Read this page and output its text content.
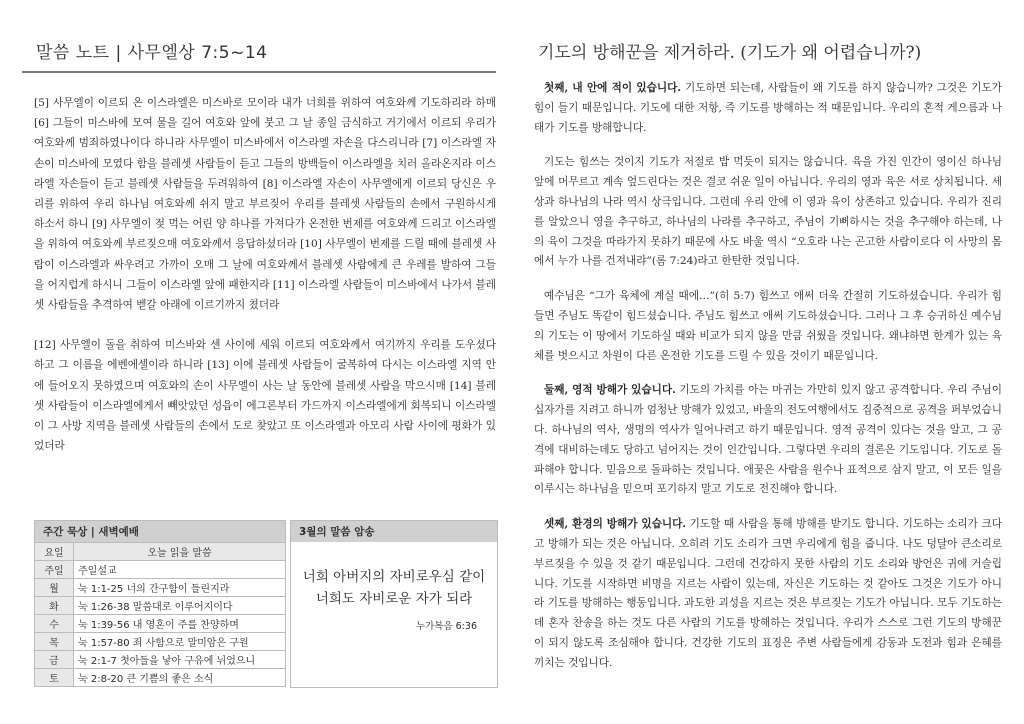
말씀 노트 | 사무엘상 7:5~14

[5] 사무엘이 이르되 온 이스라엘은 미스바로 모이라 내가 너희를 위하여 여호와께 기도하리라 하매 [6] 그들이 미스바에 모여 물을 길어 여호와 앞에 붓고 그 날 종일 금식하고 거기에서 이르되 우리가 여호와께 범죄하였나이다 하니라 사무엘이 미스바에서 이스라엘 자손을 다스리니라 [7] 이스라엘 자손이 미스바에 모였다 함을 블레셋 사람들이 듣고 그들의 방백들이 이스라엘을 치러 올라온지라 이스라엘 자손들이 듣고 블레셋 사람들을 두려워하여 [8] 이스라엘 자손이 사무엘에게 이르되 당신은 우리를 위하여 우리 하나님 여호와께 쉬지 말고 부르짖어 우리를 블레셋 사람들의 손에서 구원하시게 하소서 하니 [9] 사무엘이 젖 먹는 어린 양 하나를 가져다가 온전한 번제를 여호와께 드리고 이스라엘을 위하여 여호와께 부르짖으매 여호와께서 응답하셨더라 [10] 사무엘이 번제를 드릴 때에 블레셋 사람이 이스라엘과 싸우려고 가까이 오매 그 날에 여호와께서 블레셋 사람에게 큰 우레를 발하여 그들을 어지럽게 하시니 그들이 이스라엘 앞에 패한지라 [11] 이스라엘 사람들이 미스바에서 나가서 블레셋 사람들을 추격하여 벧갈 아래에 이르기까지 쳤더라

[12] 사무엘이 돌을 취하여 미스바와 센 사이에 세워 이르되 여호와께서 여기까지 우리를 도우셨다 하고 그 이름을 에벤에셀이라 하니라 [13] 이에 블레셋 사람들이 굴복하여 다시는 이스라엘 지역 안에 들어오지 못하였으며 여호와의 손이 사무엘이 사는 날 동안에 블레셋 사람을 막으시매 [14] 블레셋 사람들이 이스라엘에게서 빼앗았던 성읍이 에그론부터 가드까지 이스라엘에게 회복되니 이스라엘이 그 사방 지역을 블레셋 사람들의 손에서 도로 찾았고 또 이스라엘과 아모리 사람 사이에 평화가 있었더라

주간 묵상 | 새벽예배
요일	오늘 읽을 말씀
주일	주일설교
월	눅 1:1-25 너의 간구함이 들린지라
화	눅 1:26-38 말씀대로 이루어지이다
수	눅 1:39-56 내 영혼이 주를 찬양하며
목	눅 1:57-80 죄 사함으로 말미암은 구원
금	눅 2:1-7 첫아들을 낳아 구유에 뉘었으니
토	눅 2:8-20 큰 기쁨의 좋은 소식
3월의 말씀 암송
너희 아버지의 자비로우심 같이
너희도 자비로운 자가 되라
누가복음 6:36
기도의 방해꾼을 제거하라. (기도가 왜 어렵습니까?)

첫째, 내 안에 적이 있습니다. 기도하면 되는데, 사람들이 왜 기도를 하지 않습니까? 그것은 기도가 힘이 들기 때문입니다. 기도에 대한 저항, 즉 기도를 방해하는 적 때문입니다. 우리의 혼적 게으름과 나태가 기도를 방해합니다.

기도는 힘쓰는 것이지 기도가 저절로 밥 먹듯이 되지는 않습니다. 육을 가진 인간이 영이신 하나님 앞에 머무르고 계속 엎드린다는 것은 결코 쉬운 일이 아닙니다. 우리의 영과 육은 서로 상치됩니다. 세상과 하나님의 나라 역시 상극입니다. 그런데 우리 안에 이 영과 육이 상존하고 있습니다. 우리가 진리를 알았으니 영을 추구하고, 하나님의 나라를 추구하고, 주님이 기뻐하시는 것을 추구해야 하는데, 나의 육이 그것을 따라가지 못하기 때문에 사도 바울 역시 “오호라 나는 곤고한 사람이로다 이 사망의 몸에서 누가 나를 건져내랴”(롬 7:24)라고 한탄한 것입니다.

예수님은 “그가 육체에 계실 때에…”(히 5:7) 힘쓰고 애써 더욱 간절히 기도하셨습니다. 우리가 힘들면 주님도 똑같이 힘드셨습니다. 주님도 힘쓰고 애써 기도하셨습니다. 그러나 그 후 승귀하신 예수님의 기도는 이 땅에서 기도하실 때와 비교가 되지 않을 만큼 쉬웠을 것입니다. 왜냐하면 한계가 있는 육체를 벗으시고 차원이 다른 온전한 기도를 드릴 수 있을 것이기 때문입니다.

둘째, 영적 방해가 있습니다. 기도의 가치를 아는 마귀는 가만히 있지 않고 공격합니다. 우리 주님이 십자가를 지려고 하니까 엄청난 방해가 있었고, 바울의 전도여행에서도 집중적으로 공격을 퍼부었습니다. 하나님의 역사, 생명의 역사가 일어나려고 하기 때문입니다. 영적 공격이 있다는 것을 알고, 그 공격에 대비하는데도 당하고 넘어지는 것이 인간입니다. 그렇다면 우리의 결론은 기도입니다. 기도로 돌파해야 합니다. 믿음으로 돌파하는 것입니다. 애꿎은 사람을 원수나 표적으로 삼지 말고, 이 모든 일을 이루시는 하나님을 믿으며 포기하지 말고 기도로 전진해야 합니다.

셋째, 환경의 방해가 있습니다. 기도할 때 사람을 통해 방해를 받기도 합니다. 기도하는 소리가 크다고 방해가 되는 것은 아닙니다. 오히려 기도 소리가 크면 우리에게 힘을 줍니다. 나도 덩달아 큰소리로 부르짖을 수 있을 것 같기 때문입니다. 그런데 건강하지 못한 사람의 기도 소리와 방언은 귀에 거슬립니다. 기도를 시작하면 비명을 지르는 사람이 있는데, 자신은 기도하는 것 같아도 그것은 기도가 아니라 기도를 방해하는 행동입니다. 과도한 괴성을 지르는 것은 부르짖는 기도가 아닙니다. 모두 기도하는데 혼자 찬송을 하는 것도 다른 사람의 기도를 방해하는 것입니다. 우리가 스스로 그런 기도의 방해꾼이 되지 않도록 조심해야 합니다. 건강한 기도의 표징은 주변 사람들에게 감동과 도전과 힘과 은혜를 끼치는 것입니다.
